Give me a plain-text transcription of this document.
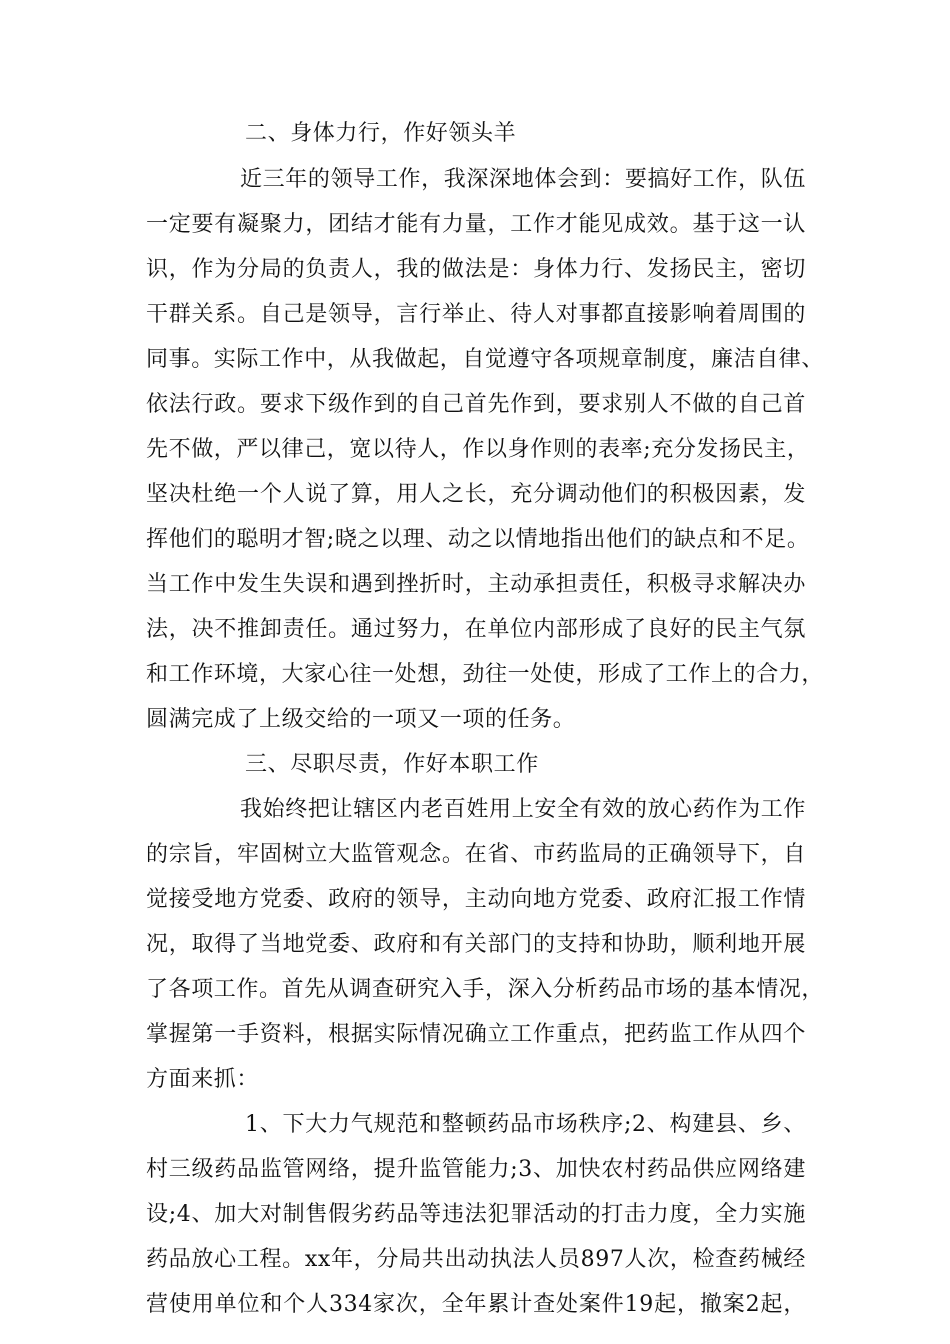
二、身体力行，作好领头羊
近三年的领导工作，我深深地体会到：要搞好工作，队伍
一定要有凝聚力，团结才能有力量，工作才能见成效。基于这一认
识，作为分局的负责人，我的做法是：身体力行、发扬民主，密切
干群关系。自己是领导，言行举止、待人对事都直接影响着周围的
同事。实际工作中，从我做起，自觉遵守各项规章制度，廉洁自律、
依法行政。要求下级作到的自己首先作到，要求别人不做的自己首
先不做，严以律己，宽以待人，作以身作则的表率;充分发扬民主，
坚决杜绝一个人说了算，用人之长，充分调动他们的积极因素，发
挥他们的聪明才智;晓之以理、动之以情地指出他们的缺点和不足。
当工作中发生失误和遇到挫折时，主动承担责任，积极寻求解决办
法，决不推卸责任。通过努力，在单位内部形成了良好的民主气氛
和工作环境，大家心往一处想，劲往一处使，形成了工作上的合力，
圆满完成了上级交给的一项又一项的任务。
三、尽职尽责，作好本职工作
我始终把让辖区内老百姓用上安全有效的放心药作为工作
的宗旨，牢固树立大监管观念。在省、市药监局的正确领导下，自
觉接受地方党委、政府的领导，主动向地方党委、政府汇报工作情
况，取得了当地党委、政府和有关部门的支持和协助，顺利地开展
了各项工作。首先从调查研究入手，深入分析药品市场的基本情况，
掌握第一手资料，根据实际情况确立工作重点，把药监工作从四个
方面来抓：
1、下大力气规范和整顿药品市场秩序;2、构建县、乡、
村三级药品监管网络，提升监管能力;3、加快农村药品供应网络建
设;4、加大对制售假劣药品等违法犯罪活动的打击力度，全力实施
药品放心工程。xx年，分局共出动执法人员897人次，检查药械经
营使用单位和个人334家次，全年累计查处案件19起，撤案2起，
